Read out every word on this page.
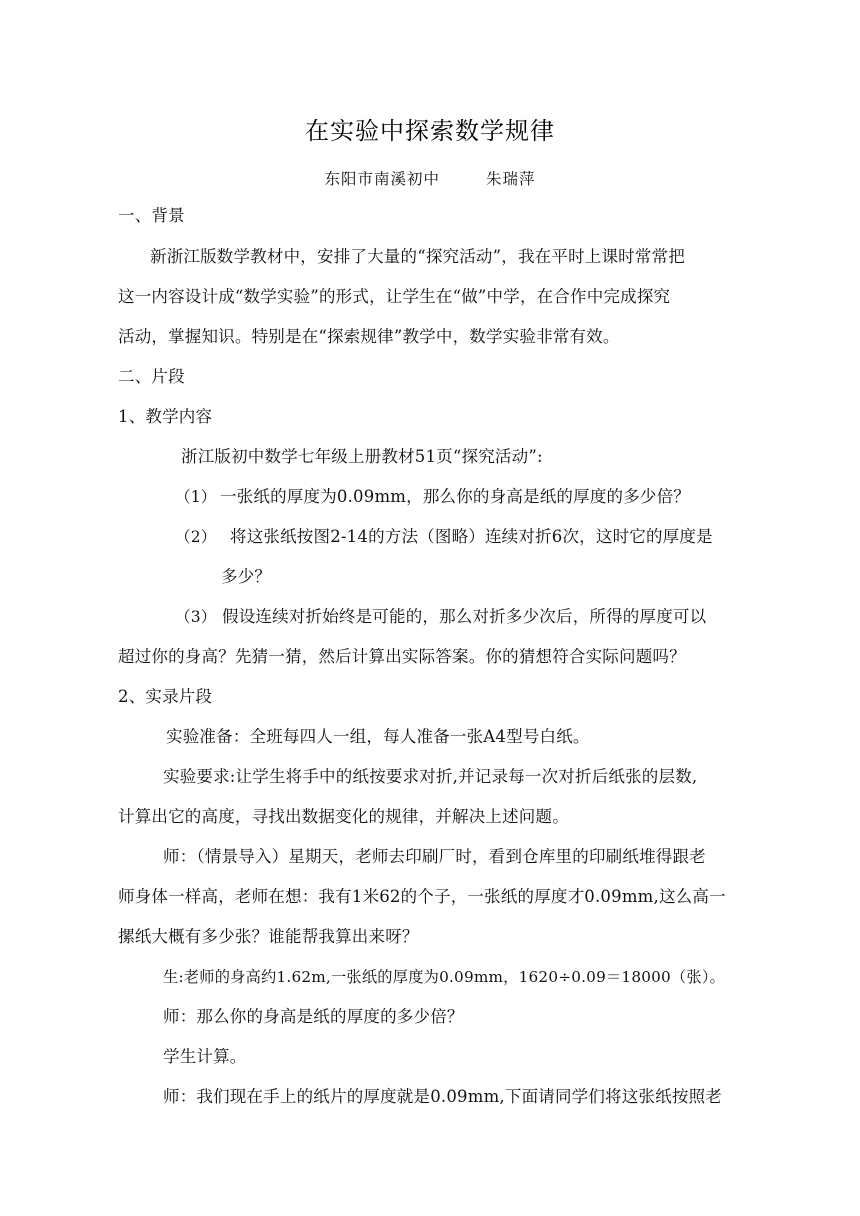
在实验中探索数学规律
东阳市南溪初中	朱瑞萍
一、背景
新浙江版数学教材中，安排了大量的“探究活动”，我在平时上课时常常把
这一内容设计成“数学实验”的形式，让学生在“做”中学，在合作中完成探究
活动，掌握知识。特别是在“探索规律”教学中，数学实验非常有效。
二、片段
1、教学内容
浙江版初中数学七年级上册教材51页“探究活动”:
（1） 一张纸的厚度为0.09mm，那么你的身高是纸的厚度的多少倍？
（2） 将这张纸按图2-14的方法（图略）连续对折6次，这时它的厚度是
多少？
（3） 假设连续对折始终是可能的，那么对折多少次后，所得的厚度可以
超过你的身高？先猜一猜，然后计算出实际答案。你的猜想符合实际问题吗？
2、实录片段
实验准备：全班每四人一组，每人准备一张A4型号白纸。
实验要求:让学生将手中的纸按要求对折,并记录每一次对折后纸张的层数,
计算出它的高度，寻找出数据变化的规律，并解决上述问题。
师：（情景导入）星期天，老师去印刷厂时，看到仓库里的印刷纸堆得跟老
师身体一样高，老师在想：我有1米62的个子，一张纸的厚度才0.09mm,这么高一
摞纸大概有多少张？谁能帮我算出来呀？
生:老师的身高约1.62m,一张纸的厚度为0.09mm，1620÷0.09＝18000（张）。
师：那么你的身高是纸的厚度的多少倍？
学生计算。
师：我们现在手上的纸片的厚度就是0.09mm,下面请同学们将这张纸按照老
